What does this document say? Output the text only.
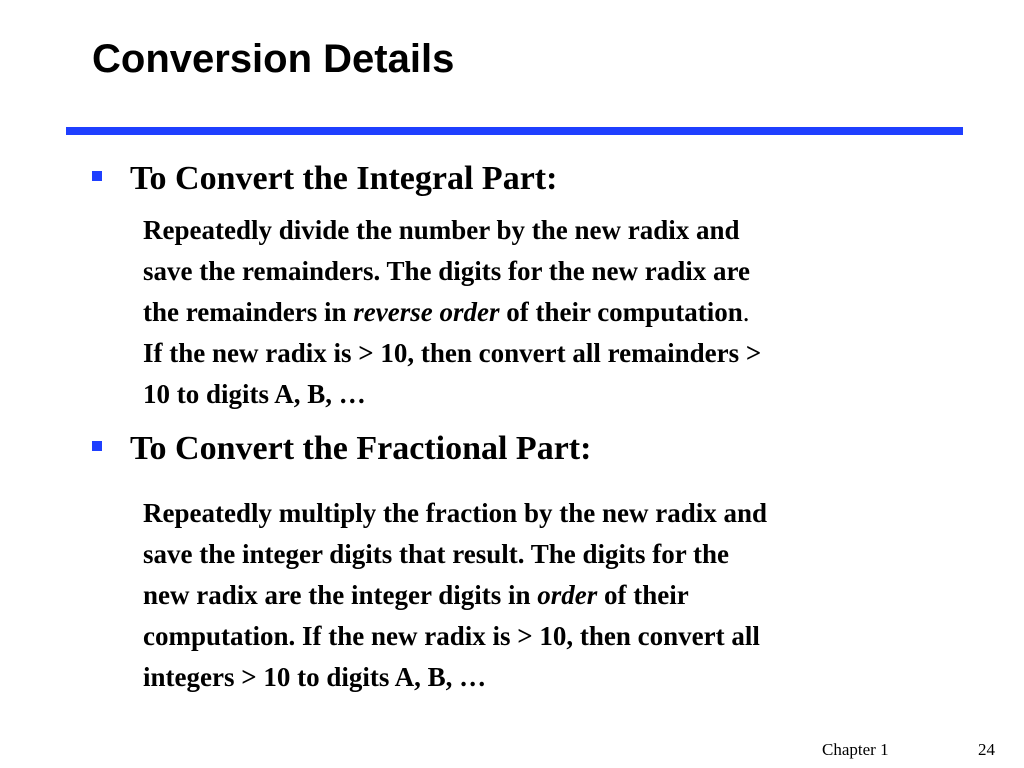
Conversion Details
To Convert the Integral Part:
Repeatedly divide the number by the new radix and
save the remainders. The digits for the new radix are
the remainders in reverse order of their computation.
If the new radix is > 10, then convert all remainders >
10 to digits A, B, …
To Convert the Fractional Part:
Repeatedly multiply the fraction by the new radix and
save the integer digits that result. The digits for the
new radix are the integer digits in order of their
computation. If the new radix is > 10, then convert all
integers > 10 to digits A, B, …
Chapter 1	24
